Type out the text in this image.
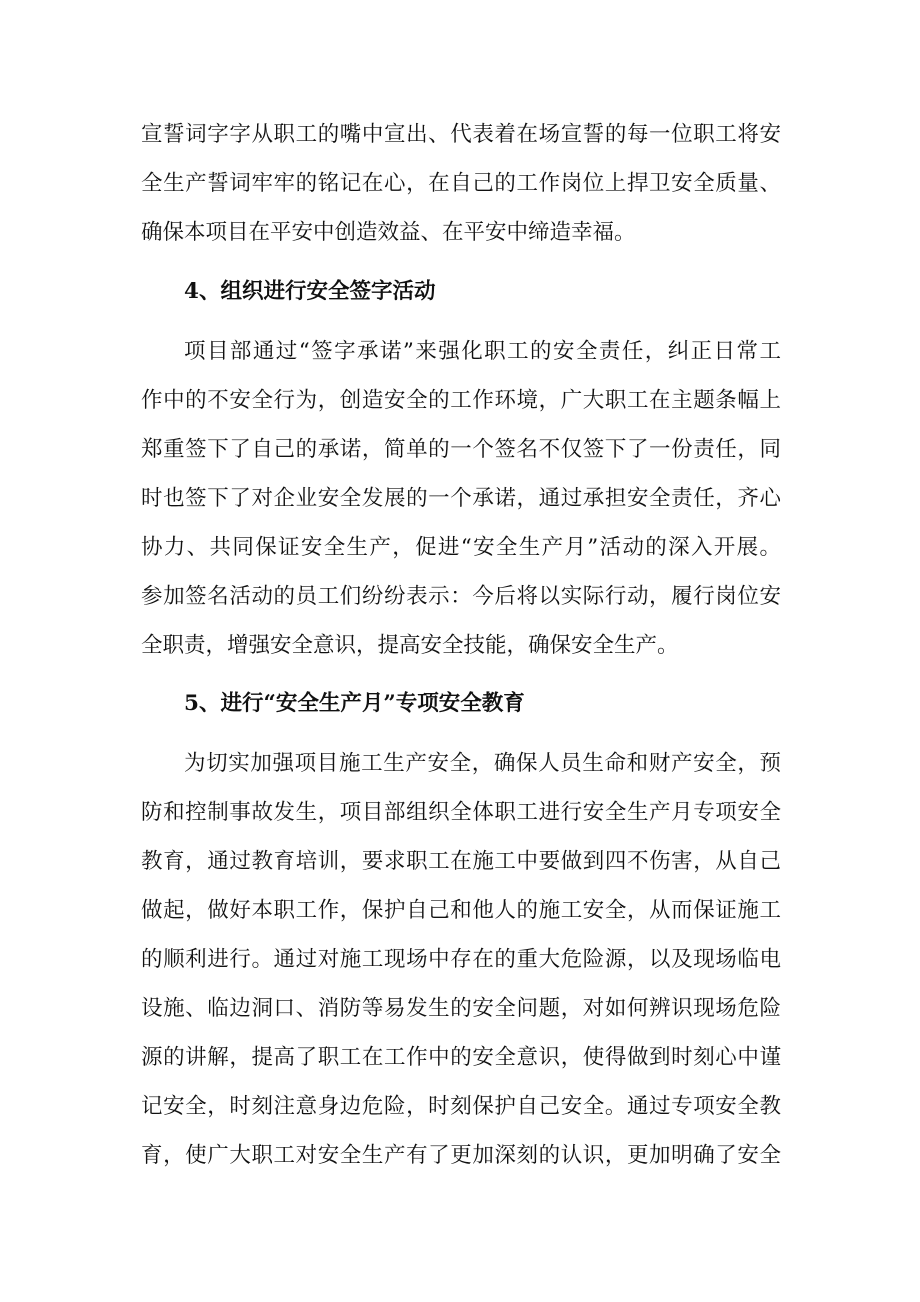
宣誓词字字从职工的嘴中宣出、代表着在场宣誓的每一位职工将安
全生产誓词牢牢的铭记在心，在自己的工作岗位上捍卫安全质量、
确保本项目在平安中创造效益、在平安中缔造幸福。
4、组织进行安全签字活动
项目部通过“签字承诺”来强化职工的安全责任，纠正日常工
作中的不安全行为，创造安全的工作环境，广大职工在主题条幅上
郑重签下了自己的承诺，简单的一个签名不仅签下了一份责任，同
时也签下了对企业安全发展的一个承诺，通过承担安全责任，齐心
协力、共同保证安全生产，促进“安全生产月”活动的深入开展。
参加签名活动的员工们纷纷表示：今后将以实际行动，履行岗位安
全职责，增强安全意识，提高安全技能，确保安全生产。
5、进行“安全生产月”专项安全教育
为切实加强项目施工生产安全，确保人员生命和财产安全，预
防和控制事故发生，项目部组织全体职工进行安全生产月专项安全
教育，通过教育培训，要求职工在施工中要做到四不伤害，从自己
做起，做好本职工作，保护自己和他人的施工安全，从而保证施工
的顺利进行。通过对施工现场中存在的重大危险源，以及现场临电
设施、临边洞口、消防等易发生的安全问题，对如何辨识现场危险
源的讲解，提高了职工在工作中的安全意识，使得做到时刻心中谨
记安全，时刻注意身边危险，时刻保护自己安全。通过专项安全教
育，使广大职工对安全生产有了更加深刻的认识，更加明确了安全
